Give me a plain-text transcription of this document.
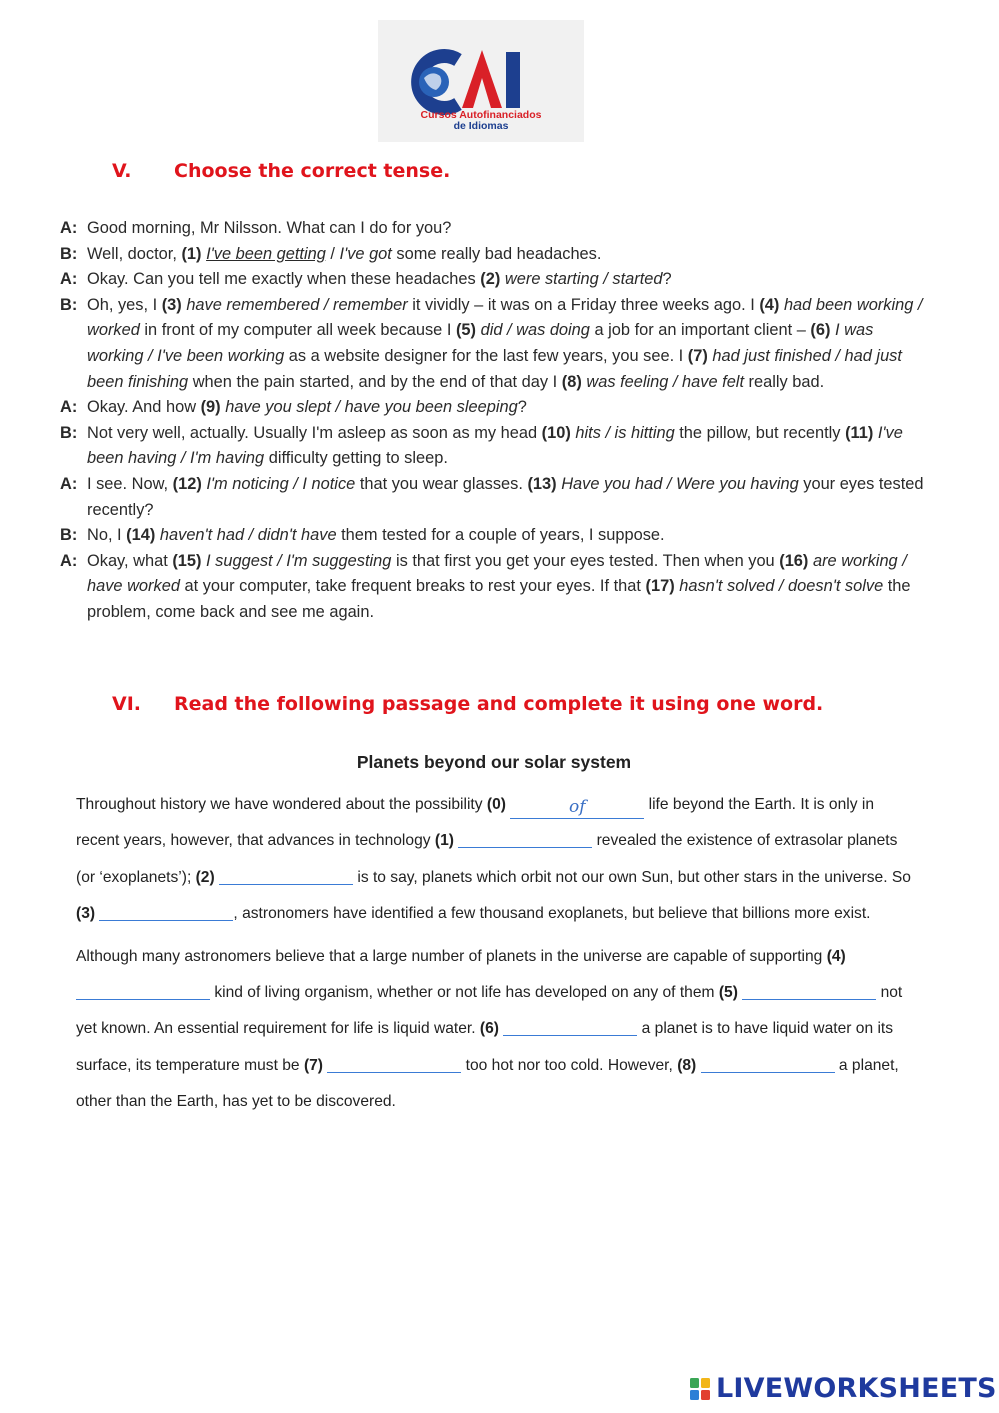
Cursos Autofinanciados
de Idiomas
V. Choose the correct tense.
A: Good morning, Mr Nilsson. What can I do for you?
B: Well, doctor, (1) I've been getting / I've got some really bad headaches.
A: Okay. Can you tell me exactly when these headaches (2) were starting / started?
B: Oh, yes, I (3) have remembered / remember it vividly – it was on a Friday three weeks ago. I (4) had been working / worked in front of my computer all week because I (5) did / was doing a job for an important client – (6) I was working / I've been working as a website designer for the last few years, you see. I (7) had just finished / had just been finishing when the pain started, and by the end of that day I (8) was feeling / have felt really bad.
A: Okay. And how (9) have you slept / have you been sleeping?
B: Not very well, actually. Usually I'm asleep as soon as my head (10) hits / is hitting the pillow, but recently (11) I've been having / I'm having difficulty getting to sleep.
A: I see. Now, (12) I'm noticing / I notice that you wear glasses. (13) Have you had / Were you having your eyes tested recently?
B: No, I (14) haven't had / didn't have them tested for a couple of years, I suppose.
A: Okay, what (15) I suggest / I'm suggesting is that first you get your eyes tested. Then when you (16) are working / have worked at your computer, take frequent breaks to rest your eyes. If that (17) hasn't solved / doesn't solve the problem, come back and see me again.
VI. Read the following passage and complete it using one word.
Planets beyond our solar system
Throughout history we have wondered about the possibility (0)	of	life beyond the Earth. It is only in recent years, however, that advances in technology (1)	revealed the existence of extrasolar planets (or ‘exoplanets’); (2)	is to say, planets which orbit not our own Sun, but other stars in the universe. So (3)	, astronomers have identified a few thousand exoplanets, but believe that billions more exist.
Although many astronomers believe that a large number of planets in the universe are capable of supporting (4)  kind of living organism, whether or not life has developed on any of them (5)	not yet known. An essential requirement for life is liquid water. (6)	a planet is to have liquid water on its surface, its temperature must be (7)	too hot nor too cold. However, (8)	a planet, other than the Earth, has yet to be discovered.
LIVEWORKSHEETS
